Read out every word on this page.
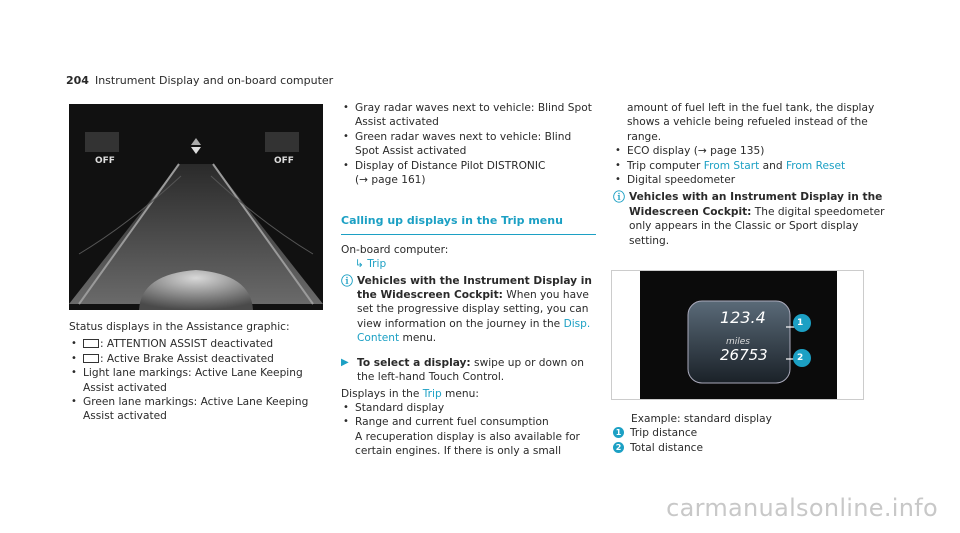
204 Instrument Display and on-board computer
OFF	OFF
Status displays in the Assistance graphic:
• : ATTENTION ASSIST deactivated
• : Active Brake Assist deactivated
• Light lane markings: Active Lane Keeping Assist activated
• Green lane markings: Active Lane Keeping Assist activated
• Gray radar waves next to vehicle: Blind Spot Assist activated
• Green radar waves next to vehicle: Blind Spot Assist activated
• Display of Distance Pilot DISTRONIC
(→ page 161)
Calling up displays in the Trip menu
On-board computer:
↳ Trip
ⓘ Vehicles with the Instrument Display in the Widescreen Cockpit: When you have set the progressive display setting, you can view information on the journey in the Disp. Content menu.
▶ To select a display: swipe up or down on the left-hand Touch Control.
Displays in the Trip menu:
• Standard display
• Range and current fuel consumption
A recuperation display is also available for certain engines. If there is only a small
amount of fuel left in the fuel tank, the display shows a vehicle being refueled instead of the range.
• ECO display (→ page 135)
• Trip computer From Start and From Reset
• Digital speedometer
ⓘ Vehicles with an Instrument Display in the Widescreen Cockpit: The digital speedometer only appears in the Classic or Sport display setting.
123.4
miles
26753
1
2
Example: standard display
1 Trip distance
2 Total distance
carmanualsonline.info
